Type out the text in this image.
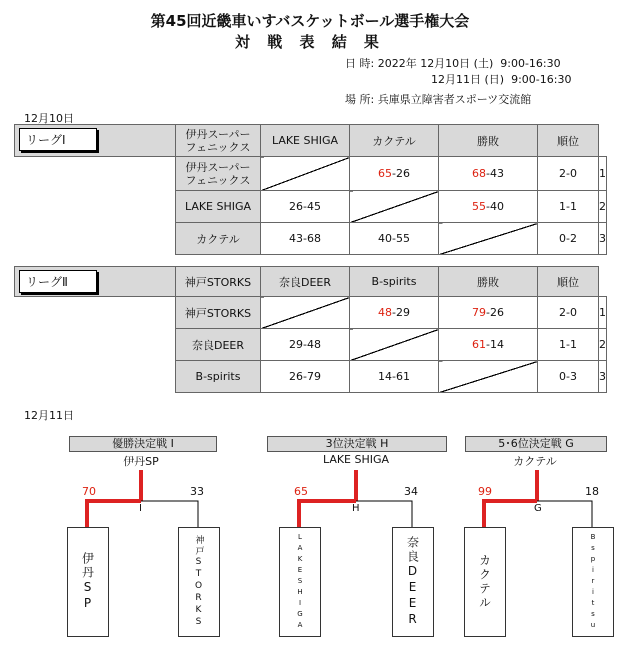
第45回近畿車いすバスケットボール選手権大会
対 戦 表 結 果
日 時: 2022年 12月10日 (土)  9:00-16:30
12月11日 (日)  9:00-16:30
場 所: 兵庫県立障害者スポーツ交流館
12月10日
リーグⅠ	伊丹スーパー
フェニックス	LAKE SHIGA	カクテル	勝敗	順位	
	伊丹スーパー
フェニックス		65-26	68-43	2-0	1
	LAKE SHIGA	26-45		55-40	1-1	2
	カクテル	43-68	40-55		0-2	3
リーグⅡ	神戸STORKS	奈良DEER	B-spirits	勝敗	順位	
	神戸STORKS		48-29	79-26	2-0	1
	奈良DEER	29-48		61-14	1-1	2
	B-spirits	26-79	14-61		0-3	3
12月11日
優勝決定戦 I
伊丹SP
70	33
I
伊丹SP	神戸STORKS
3位決定戦 H
LAKE SHIGA
65	34
H
LAKESHIGA	奈良DEER
5･6位決定戦 G
カクテル
99	18
G
カクテル	Bspiritsu
